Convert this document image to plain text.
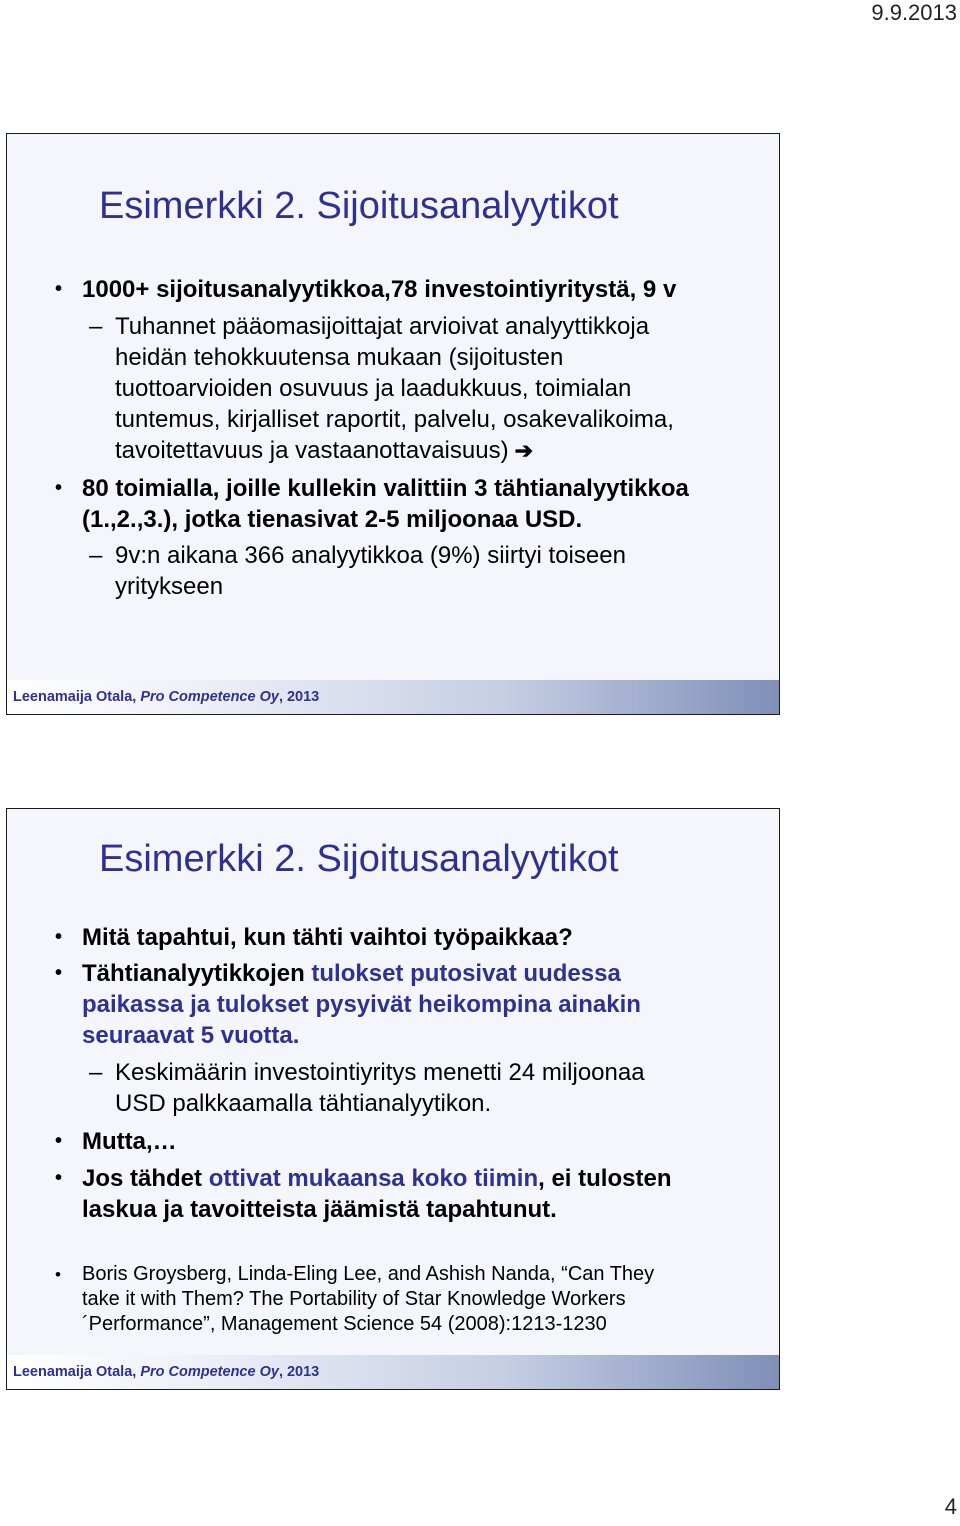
9.9.2013
Esimerkki 2. Sijoitusanalyytikot
• 1000+ sijoitusanalyytikkoa,78 investointiyritystä, 9 v
– Tuhannet pääomasijoittajat arvioivat analyyttikkoja
heidän tehokkuutensa mukaan (sijoitusten
tuottoarvioiden osuvuus ja laadukkuus, toimialan
tuntemus, kirjalliset raportit, palvelu, osakevalikoima,
tavoitettavuus ja vastaanottavaisuus) ➔
• 80 toimialla, joille kullekin valittiin 3 tähtianalyytikkoa
(1.,2.,3.), jotka tienasivat 2-5 miljoonaa USD.
– 9v:n aikana 366 analyytikkoa (9%) siirtyi toiseen
yritykseen
Leenamaija Otala, Pro Competence Oy, 2013
Esimerkki 2. Sijoitusanalyytikot
• Mitä tapahtui, kun tähti vaihtoi työpaikkaa?
• Tähtianalyytikkojen tulokset putosivat uudessa
paikassa ja tulokset pysyivät heikompina ainakin
seuraavat 5 vuotta.
– Keskimäärin investointiyritys menetti 24 miljoonaa
USD palkkaamalla tähtianalyytikon.
• Mutta,…
• Jos tähdet ottivat mukaansa koko tiimin, ei tulosten
laskua ja tavoitteista jäämistä tapahtunut.
• Boris Groysberg, Linda-Eling Lee, and Ashish Nanda, “Can They
take it with Them? The Portability of Star Knowledge Workers
´Performance”, Management Science 54 (2008):1213-1230
Leenamaija Otala, Pro Competence Oy, 2013
4
